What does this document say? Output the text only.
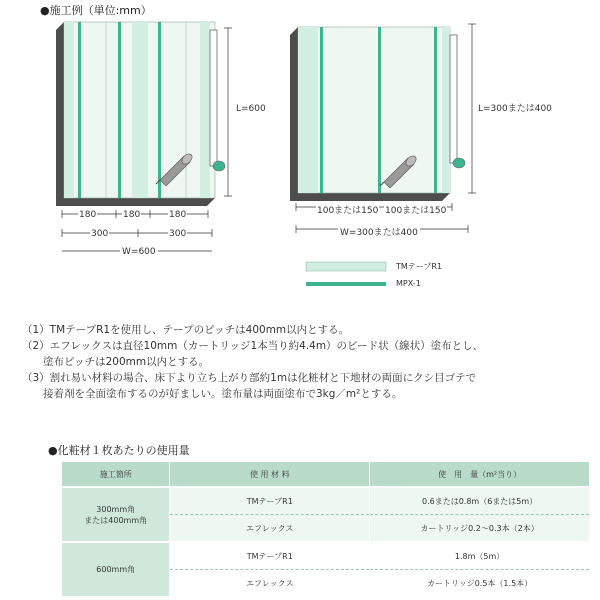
●施工例（単位:mm）
L=600
180	180	180
300	300
W=600
L=300または400
100または150 100または150
W=300または400
TMテープR1
MPX-1
（1）TMテープR1を使用し、テープのピッチは400mm以内とする。
（2）エフレックスは直径10mm（カートリッジ1本当り約4.4m）のビード状（線状）塗布とし、
　　塗布ピッチは200mm以内とする。
（3）割れ易い材料の場合、床下より立ち上がり部約1mは化粧材と下地材の両面にクシ目ゴテで
　　接着剤を全面塗布するのが好ましい。塗布量は両面塗布で3kg／m²とする。
●化粧材１枚あたりの使用量
施工箇所	使 用 材 料	使　用　量（m²当り）

300mm角
または400mm角	TMテープR1	0.6または0.8m（6または5m）
	エフレックス	カートリッジ0.2〜0.3本（2本）
600mm角	TMテープR1	1.8m（5m）
	エフレックス	カートリッジ0.5本（1.5本）
